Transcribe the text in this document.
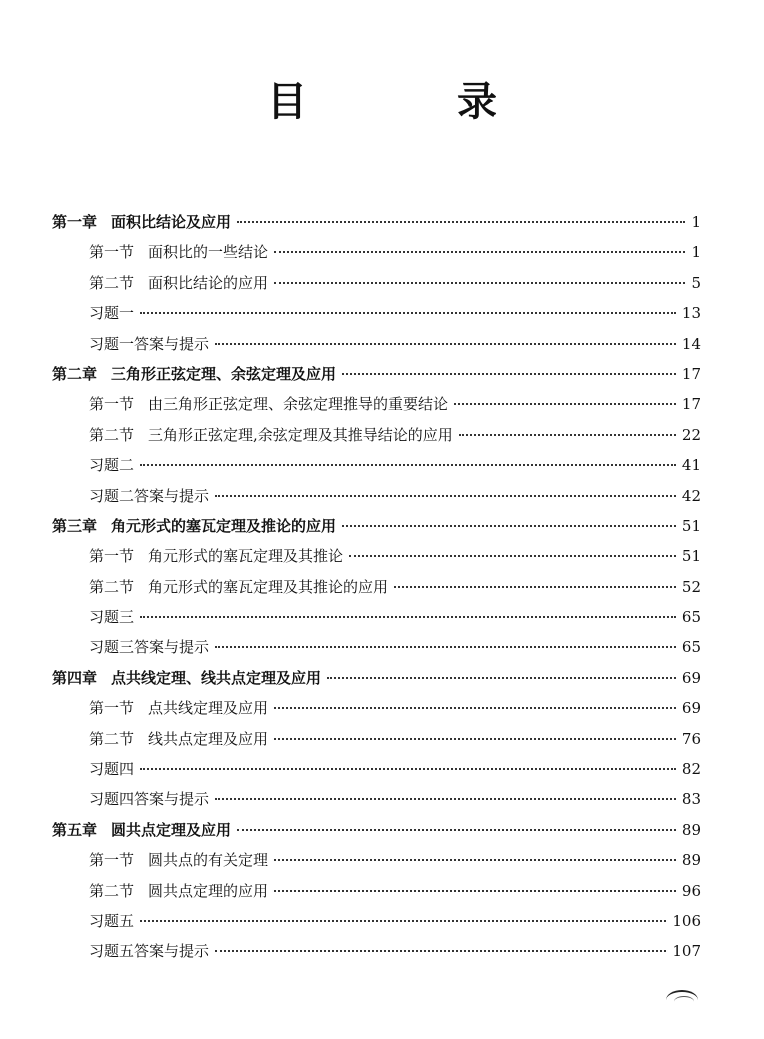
目　录
第一章 面积比结论及应用	1
第一节 面积比的一些结论	1
第二节 面积比结论的应用	5
习题一	13
习题一答案与提示	14
第二章 三角形正弦定理、余弦定理及应用	17
第一节 由三角形正弦定理、余弦定理推导的重要结论	17
第二节 三角形正弦定理,余弦定理及其推导结论的应用	22
习题二	41
习题二答案与提示	42
第三章 角元形式的塞瓦定理及推论的应用	51
第一节 角元形式的塞瓦定理及其推论	51
第二节 角元形式的塞瓦定理及其推论的应用	52
习题三	65
习题三答案与提示	65
第四章 点共线定理、线共点定理及应用	69
第一节 点共线定理及应用	69
第二节 线共点定理及应用	76
习题四	82
习题四答案与提示	83
第五章 圆共点定理及应用	89
第一节 圆共点的有关定理	89
第二节 圆共点定理的应用	96
习题五	106
习题五答案与提示	107
